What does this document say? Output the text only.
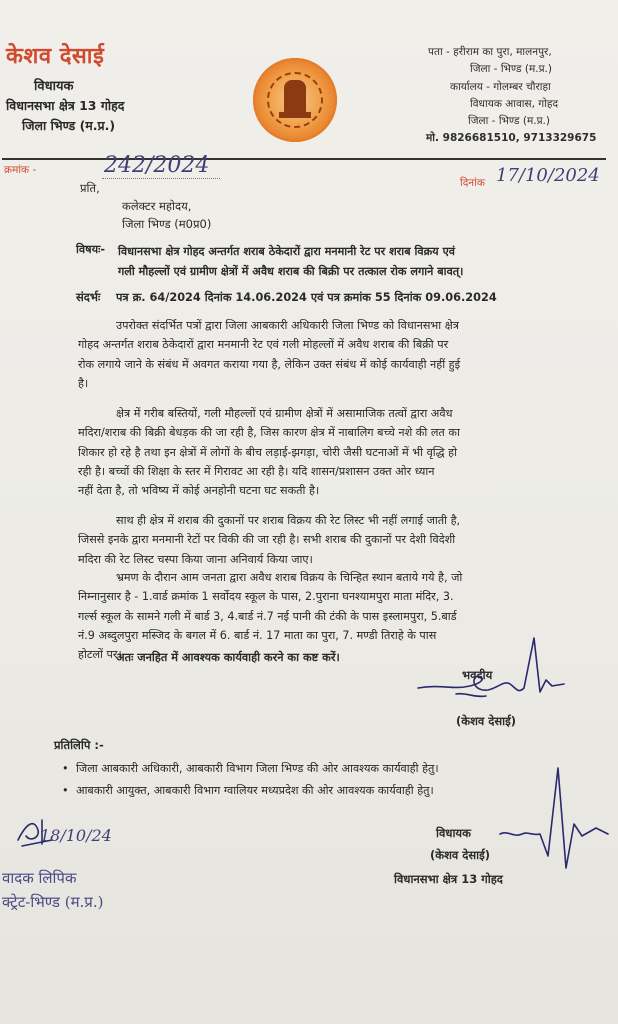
केशव देसाई
विधायक
विधानसभा क्षेत्र 13 गोहद
जिला भिण्ड (म.प्र.)
पता - हरीराम का पुरा, मालनपुर,
जिला - भिण्ड (म.प्र.)
कार्यालय - गोलम्बर चौराहा
विधायक आवास, गोहद
जिला - भिण्ड (म.प्र.)
मो. 9826681510, 9713329675
क्रमांक -	242/2024
दिनांक 17/10/2024
प्रति,
कलेक्टर महोदय,
जिला भिण्ड (म0प्र0)
विषयः- विधानसभा क्षेत्र गोहद अन्तर्गत शराब ठेकेदारों द्वारा मनमानी रेट पर शराब विक्रय एवं
गली मौहल्लों एवं ग्रामीण क्षेत्रों में अवैध शराब की बिक्री पर तत्काल रोक लगाने बावत्।
संदर्भः पत्र क्र. 64/2024 दिनांक 14.06.2024 एवं पत्र क्रमांक 55 दिनांक 09.06.2024
उपरोक्त संदर्भित पत्रों द्वारा जिला आबकारी अधिकारी जिला भिण्ड को विधानसभा क्षेत्र
गोहद अन्तर्गत शराब ठेकेदारों द्वारा मनमानी रेट एवं गली मोहल्लों में अवैध शराब की बिक्री पर
रोक लगाये जाने के संबंध में अवगत कराया गया है, लेकिन उक्त संबंध में कोई कार्यवाही नहीं हुई
है।
क्षेत्र में गरीब बस्तियों, गली मौहल्लों एवं ग्रामीण क्षेत्रों में असामाजिक तत्वों द्वारा अवैध
मदिरा/शराब की बिक्री बेधड़क की जा रही है, जिस कारण क्षेत्र में नाबालिग बच्चे नशे की लत का
शिकार हो रहे है तथा इन क्षेत्रों में लोगों के बीच लड़ाई-झगड़ा, चोरी जैसी घटनाओं में भी वृद्धि हो
रही है। बच्चों की शिक्षा के स्तर में गिरावट आ रही है। यदि शासन/प्रशासन उक्त ओर ध्यान
नहीं देता है, तो भविष्य में कोई अनहोनी घटना घट सकती है।
साथ ही क्षेत्र में शराब की दुकानों पर शराब विक्रय की रेट लिस्ट भी नहीं लगाई जाती है,
जिससे इनके द्वारा मनमानी रेटों पर विकी की जा रही है। सभी शराब की दुकानों पर देशी विदेशी
मदिरा की रेट लिस्ट चस्पा किया जाना अनिवार्य किया जाए।
भ्रमण के दौरान आम जनता द्वारा अवैध शराब विक्रय के चिन्हित स्थान बताये गये है, जो
निम्नानुसार है - 1.वार्ड क्रमांक 1 सर्वोदय स्कूल के पास, 2.पुराना घनश्यामपुरा माता मंदिर, 3.
गर्ल्स स्कूल के सामने गली में बार्ड 3, 4.बार्ड नं.7 नई पानी की टंकी के पास इस्लामपुरा, 5.बार्ड
नं.9 अब्दुलपुरा मस्जिद के बगल में 6. बार्ड नं. 17 माता का पुरा, 7. मण्डी तिराहे के पास
होटलों पर।
अतः जनहित में आवश्यक कार्यवाही करने का कष्ट करें।
भवदीय
(केशव देसाई)
प्रतिलिपि :-
• जिला आबकारी अधिकारी, आबकारी विभाग जिला भिण्ड की ओर आवश्यक कार्यवाही हेतु।
• आबकारी आयुक्त, आबकारी विभाग ग्वालियर मध्यप्रदेश की ओर आवश्यक कार्यवाही हेतु।
विधायक
(केशव देसाई)
विधानसभा क्षेत्र 13 गोहद
18/10/24
वादक लिपिक
क्ट्रेट-भिण्ड (म.प्र.)
